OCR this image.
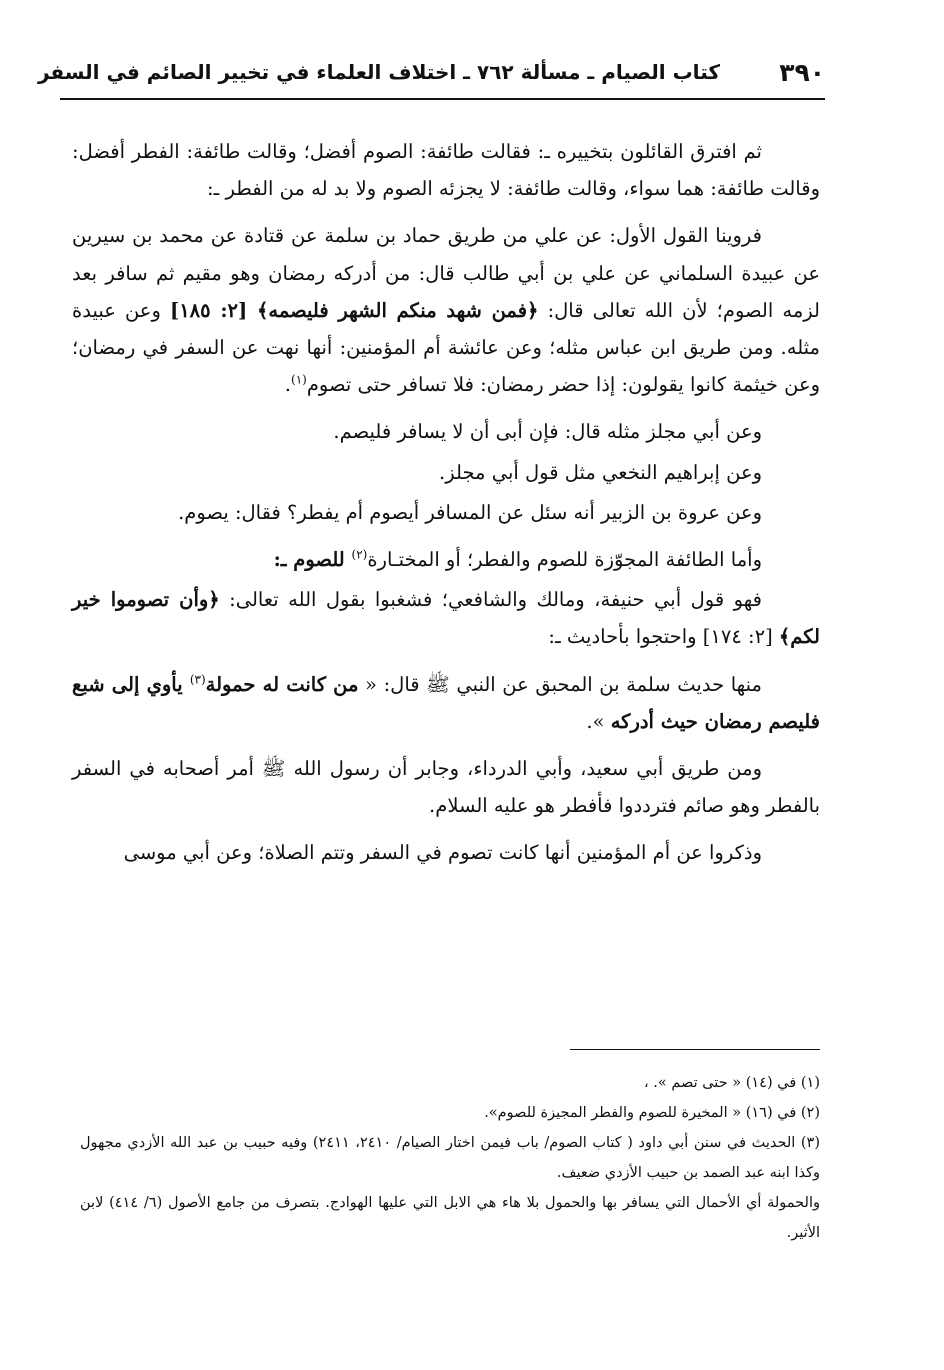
٣٩٠
كتاب الصيام ـ مسألة ٧٦٢ ـ اختلاف العلماء في تخيير الصائم في السفر

ثم افترق القائلون بتخييره ـ: فقالت طائفة: الصوم أفضل؛ وقالت طائفة: الفطر أفضل: وقالت طائفة: هما سواء، وقالت طائفة: لا يجزئه الصوم ولا بد له من الفطر ـ:

فروينا القول الأول: عن علي من طريق حماد بن سلمة عن قتادة عن محمد بن سيرين عن عبيدة السلماني عن علي بن أبي طالب قال: من أدركه رمضان وهو مقيم ثم سافر بعد لزمه الصوم؛ لأن الله تعالى قال: ﴿فمن شهد منكم الشهر فليصمه﴾ [٢: ١٨٥] وعن عبيدة مثله. ومن طريق ابن عباس مثله؛ وعن عائشة أم المؤمنين: أنها نهت عن السفر في رمضان؛ وعن خيثمة كانوا يقولون: إذا حضر رمضان: فلا تسافر حتى تصوم$^{(١)}$.

وعن أبي مجلز مثله قال: فإن أبى أن لا يسافر فليصم.

وعن إبراهيم النخعي مثل قول أبي مجلز.

وعن عروة بن الزبير أنه سئل عن المسافر أيصوم أم يفطر؟ فقال: يصوم.

وأما الطائفة المجوّزة للصوم والفطر؛ أو المختـارة$^{(٢)}$ للصوم ـ:

فهو قول أبي حنيفة، ومالك والشافعي؛ فشغبوا بقول الله تعالى: ﴿وأن تصوموا خير لكم﴾ [٢: ١٧٤] واحتجوا بأحاديث ـ:

منها حديث سلمة بن المحبق عن النبي ﷺ قال: « من كانت له حمولة$^{(٣)}$ يأوي إلى شبع فليصم رمضان حيث أدركه ».

ومن طريق أبي سعيد، وأبي الدرداء، وجابر أن رسول الله ﷺ أمر أصحابه في السفر بالفطر وهو صائم فترددوا فأفطر هو عليه السلام.

وذكروا عن أم المؤمنين أنها كانت تصوم في السفر وتتم الصلاة؛ وعن أبي موسى

(١) في (١٤) « حتى تصم ». ،

(٢) في (١٦) « المخيرة للصوم والفطر المجيزة للصوم».

(٣) الحديث في سنن أبي داود ( كتاب الصوم/ باب فيمن اختار الصيام/ ٢٤١٠، ٢٤١١) وفيه حبيب بن عبد الله الأزدي مجهول وكذا ابنه عبد الصمد بن حبيب الأزدي ضعيف.

والحمولة أي الأحمال التي يسافر بها والحمول بلا هاء هي الابل التي عليها الهوادج. بتصرف من جامع الأصول (٦/ ٤١٤) لابن الأثير.
